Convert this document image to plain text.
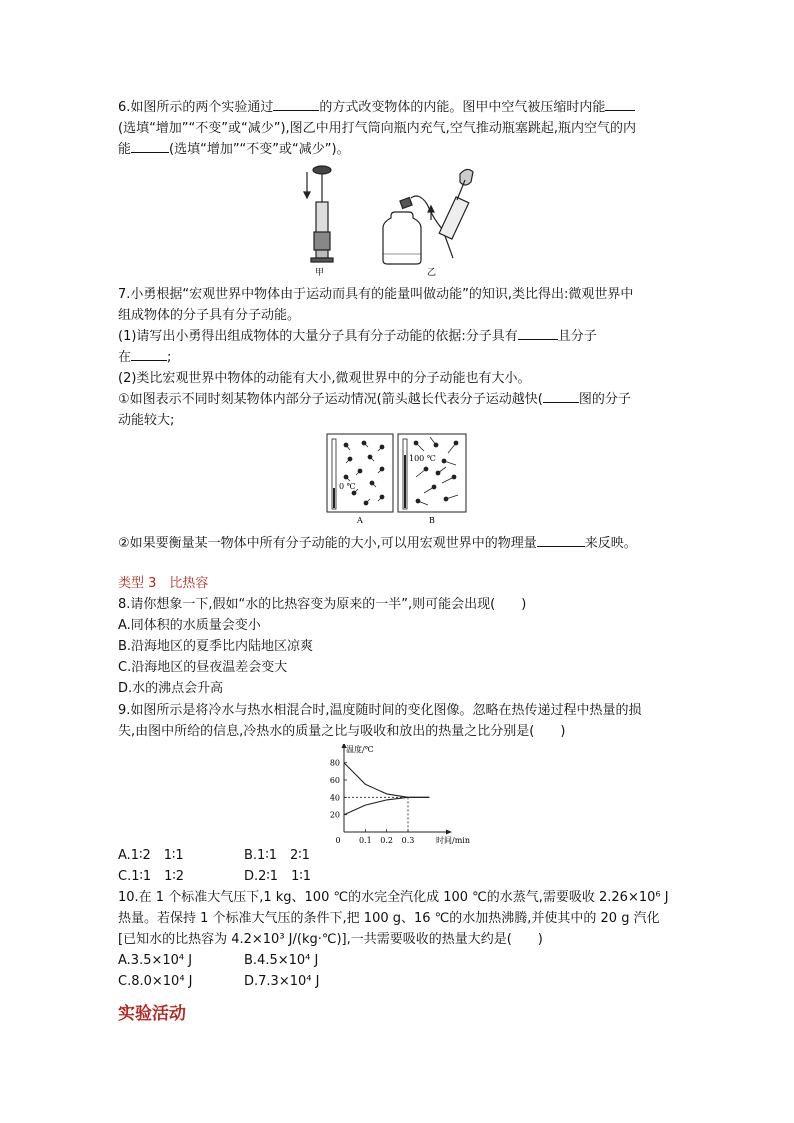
6.如图所示的两个实验通过	的方式改变物体的内能。图甲中空气被压缩时内能
(选填“增加”“不变”或“减少”),图乙中用打气筒向瓶内充气,空气推动瓶塞跳起,瓶内空气的内
能	(选填“增加”“不变”或“减少”)。
甲	乙
7.小勇根据“宏观世界中物体由于运动而具有的能量叫做动能”的知识,类比得出:微观世界中
组成物体的分子具有分子动能。
(1)请写出小勇得出组成物体的大量分子具有分子动能的依据:分子具有	且分子
在	;
(2)类比宏观世界中物体的动能有大小,微观世界中的分子动能也有大小。
①如图表示不同时刻某物体内部分子运动情况(箭头越长代表分子运动越快(	图的分子
动能较大;
0 ℃
100 ℃
A	B
②如果要衡量某一物体中所有分子动能的大小,可以用宏观世界中的物理量	来反映。
类型 3　比热容
8.请你想象一下,假如“水的比热容变为原来的一半”,则可能会出现(　　)
A.同体积的水质量会变小
B.沿海地区的夏季比内陆地区凉爽
C.沿海地区的昼夜温差会变大
D.水的沸点会升高
9.如图所示是将冷水与热水相混合时,温度随时间的变化图像。忽略在热传递过程中热量的损
失,由图中所给的信息,冷热水的质量之比与吸收和放出的热量之比分别是(　　)
20
40
60
80
0 0.1 0.2 0.3
温度/℃
时间/min
A.1∶2　1∶1	B.1∶1　2∶1
C.1∶1　1∶2	D.2∶1　1∶1
10.在 1 个标准大气压下,1 kg、100 ℃的水完全汽化成 100 ℃的水蒸气,需要吸收 2.26×10⁶ J
热量。若保持 1 个标准大气压的条件下,把 100 g、16 ℃的水加热沸腾,并使其中的 20 g 汽化
[已知水的比热容为 4.2×10³ J/(kg·℃)],一共需要吸收的热量大约是(　　)
A.3.5×10⁴ J	B.4.5×10⁴ J
C.8.0×10⁴ J	D.7.3×10⁴ J
实验活动
